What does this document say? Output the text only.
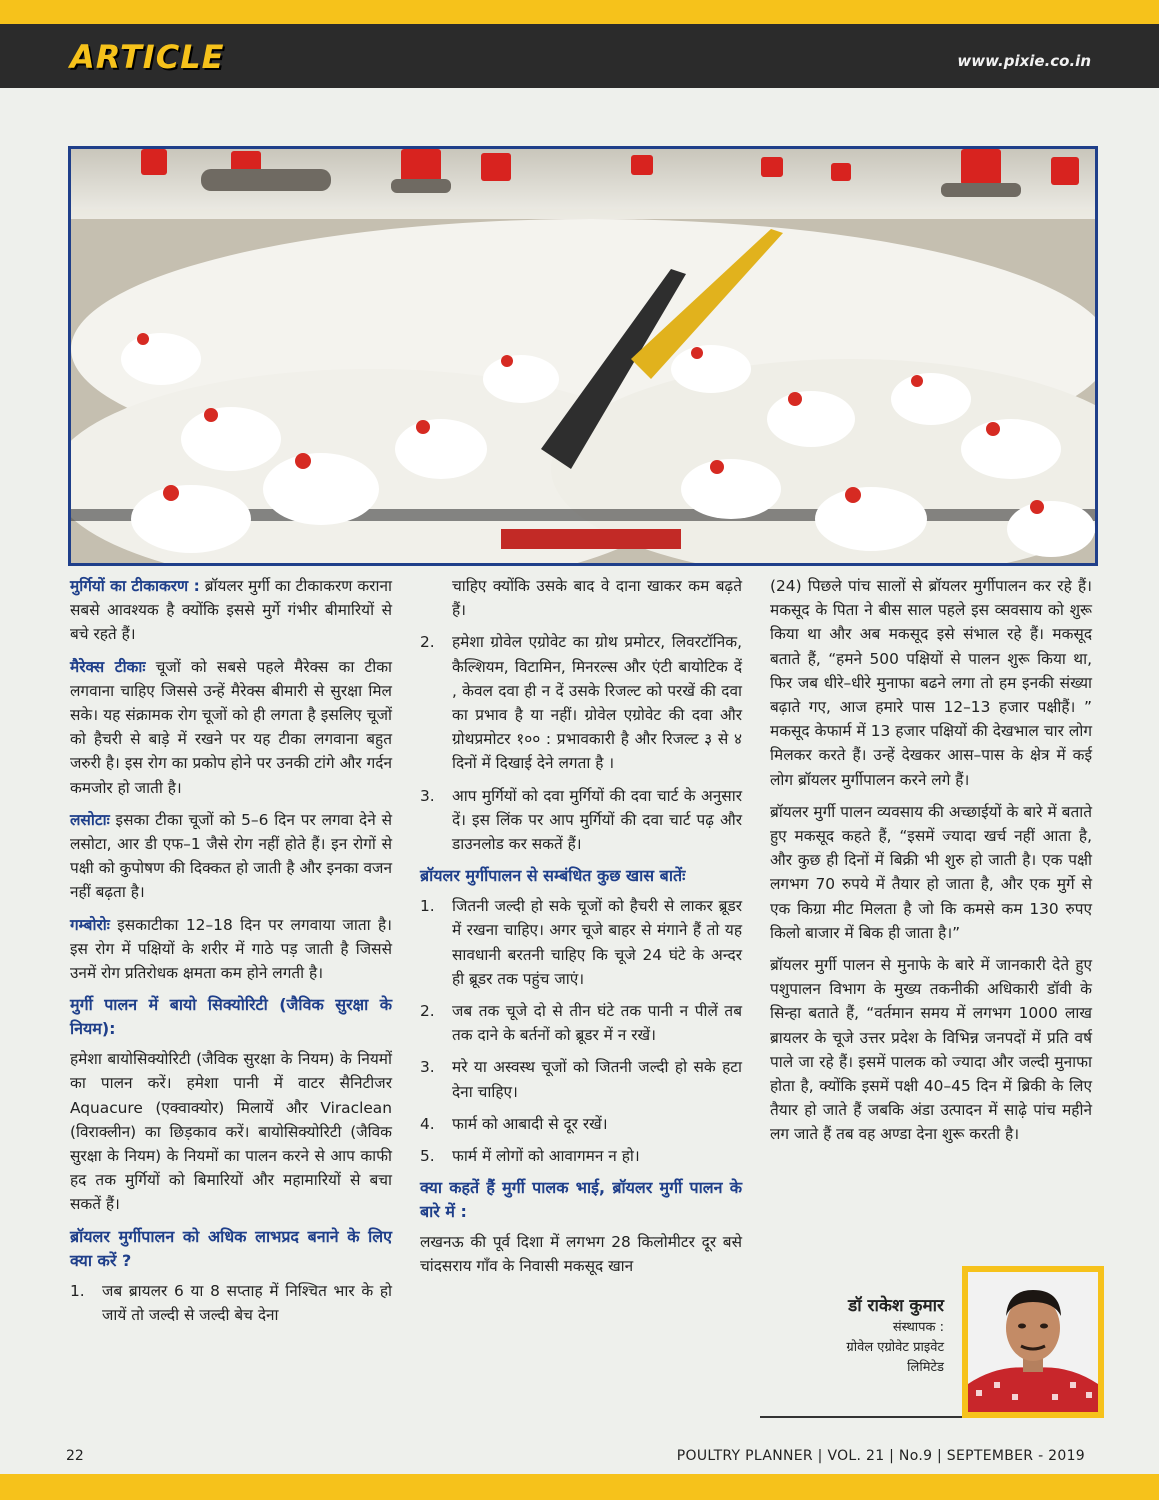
ARTICLE	www.pixie.co.in

मुर्गियों का टीकाकरण : ब्रॉयलर मुर्गी का टीकाकरण कराना सबसे आवश्यक है क्योंकि इससे मुर्गे गंभीर बीमारियों से बचे रहते हैं।

मैरेक्स टीकाः चूजों को सबसे पहले मैरेक्स का टीका लगवाना चाहिए जिससे उन्हें मैरेक्स बीमारी से सुरक्षा मिल सके। यह संक्रामक रोग चूजों को ही लगता है इसलिए चूजों को हैचरी से बाड़े में रखने पर यह टीका लगवाना बहुत जरुरी है। इस रोग का प्रकोप होने पर उनकी टांगे और गर्दन कमजोर हो जाती है।

लसोटाः इसका टीका चूजों को 5–6 दिन पर लगवा देने से लसोटा, आर डी एफ–1 जैसे रोग नहीं होते हैं। इन रोगों से पक्षी को कुपोषण की दिक्कत हो जाती है और इनका वजन नहीं बढ़ता है।

गम्बोरोः इसकाटीका 12–18 दिन पर लगवाया जाता है। इस रोग में पक्षियों के शरीर में गाठे पड़ जाती है जिससे उनमें रोग प्रतिरोधक क्षमता कम होने लगती है।

मुर्गी पालन में बायो सिक्योरिटी (जैविक सुरक्षा के नियम):

हमेशा बायोसिक्योरिटी (जैविक सुरक्षा के नियम) के नियमों का पालन करें। हमेशा पानी में वाटर सैनिटीजर Aquacure (एक्वाक्योर) मिलायें और Viraclean (विराक्लीन) का छिड़काव करें। बायोसिक्योरिटी (जैविक सुरक्षा के नियम) के नियमों का पालन करने से आप काफी हद तक मुर्गियों को बिमारियों और महामारियों से बचा सकतें हैं।

ब्रॉयलर मुर्गीपालन को अधिक लाभप्रद बनाने के लिए क्या करें ?
1. जब ब्रायलर 6 या 8 सप्ताह में निश्चित भार के हो जायें तो जल्दी से जल्दी बेच देना

चाहिए क्योंकि उसके बाद वे दाना खाकर कम बढ़ते हैं।

2. हमेशा ग्रोवेल एग्रोवेट का ग्रोथ प्रमोटर, लिवरटॉनिक, कैल्शियम, विटामिन, मिनरल्स और एंटी बायोटिक दें , केवल दवा ही न दें उसके रिजल्ट को परखें की दवा का प्रभाव है या नहीं। ग्रोवेल एग्रोवेट की दवा और ग्रोथप्रमोटर १०० : प्रभावकारी है और रिजल्ट ३ से ४ दिनों में दिखाई देने लगता है ।
3. आप मुर्गियों को दवा मुर्गियों की दवा चार्ट के अनुसार दें। इस लिंक पर आप मुर्गियों की दवा चार्ट पढ़ और डाउनलोड कर सकतें हैं।
ब्रॉयलर मुर्गीपालन से सम्बंधित कुछ खास बातेंः
1. जितनी जल्दी हो सके चूजों को हैचरी से लाकर ब्रूडर में रखना चाहिए। अगर चूजे बाहर से मंगाने हैं तो यह सावधानी बरतनी चाहिए कि चूजे 24 घंटे के अन्दर ही ब्रूडर तक पहुंच जाएं।
2. जब तक चूजे दो से तीन घंटे तक पानी न पीलें तब तक दाने के बर्तनों को ब्रूडर में न रखें।
3. मरे या अस्वस्थ चूजों को जितनी जल्दी हो सके हटा देना चाहिए।
4. फार्म को आबादी से दूर रखें।
5. फार्म में लोगों को आवागमन न हो।
क्या कहतें हैं मुर्गी पालक भाई, ब्रॉयलर मुर्गी पालन के बारे में :

लखनऊ की पूर्व दिशा में लगभग 28 किलोमीटर दूर बसे चांदसराय गाँव के निवासी मकसूद खान

(24) पिछले पांच सालों से ब्रॉयलर मुर्गीपालन कर रहे हैं। मकसूद के पिता ने बीस साल पहले इस व्सवसाय को शुरू किया था और अब मकसूद इसे संभाल रहे हैं। मकसूद बताते हैं, “हमने 500 पक्षियों से पालन शुरू किया था, फिर जब धीरे–धीरे मुनाफा बढने लगा तो हम इनकी संख्या बढ़ाते गए, आज हमारे पास 12–13 हजार पक्षीहैं। ” मकसूद केफार्म में 13 हजार पक्षियों की देखभाल चार लोग मिलकर करते हैं। उन्हें देखकर आस–पास के क्षेत्र में कई लोग ब्रॉयलर मुर्गीपालन करने लगे हैं।

ब्रॉयलर मुर्गी पालन व्यवसाय की अच्छाईयों के बारे में बताते हुए मकसूद कहते हैं, “इसमें ज्यादा खर्च नहीं आता है, और कुछ ही दिनों में बिक्री भी शुरु हो जाती है। एक पक्षी लगभग 70 रुपये में तैयार हो जाता है, और एक मुर्गे से एक किग्रा मीट मिलता है जो कि कमसे कम 130 रुपए किलो बाजार में बिक ही जाता है।”

ब्रॉयलर मुर्गी पालन से मुनाफे के बारे में जानकारी देते हुए पशुपालन विभाग के मुख्य तकनीकी अधिकारी डॉवी के सिन्हा बताते हैं, “वर्तमान समय में लगभग 1000 लाख ब्रायलर के चूजे उत्तर प्रदेश के विभिन्न जनपदों में प्रति वर्ष पाले जा रहे हैं। इसमें पालक को ज्यादा और जल्दी मुनाफा होता है, क्योंकि इसमें पक्षी 40–45 दिन में ब्रिकी के लिए तैयार हो जाते हैं जबकि अंडा उत्पादन में साढ़े पांच महीने लग जाते हैं तब वह अण्डा देना शुरू करती है।

डॉ राकेश कुमार
संस्थापक :
ग्रोवेल एग्रोवेट प्राइवेट
लिमिटेड
22	POULTRY PLANNER | VOL. 21 | No.9 | SEPTEMBER - 2019
